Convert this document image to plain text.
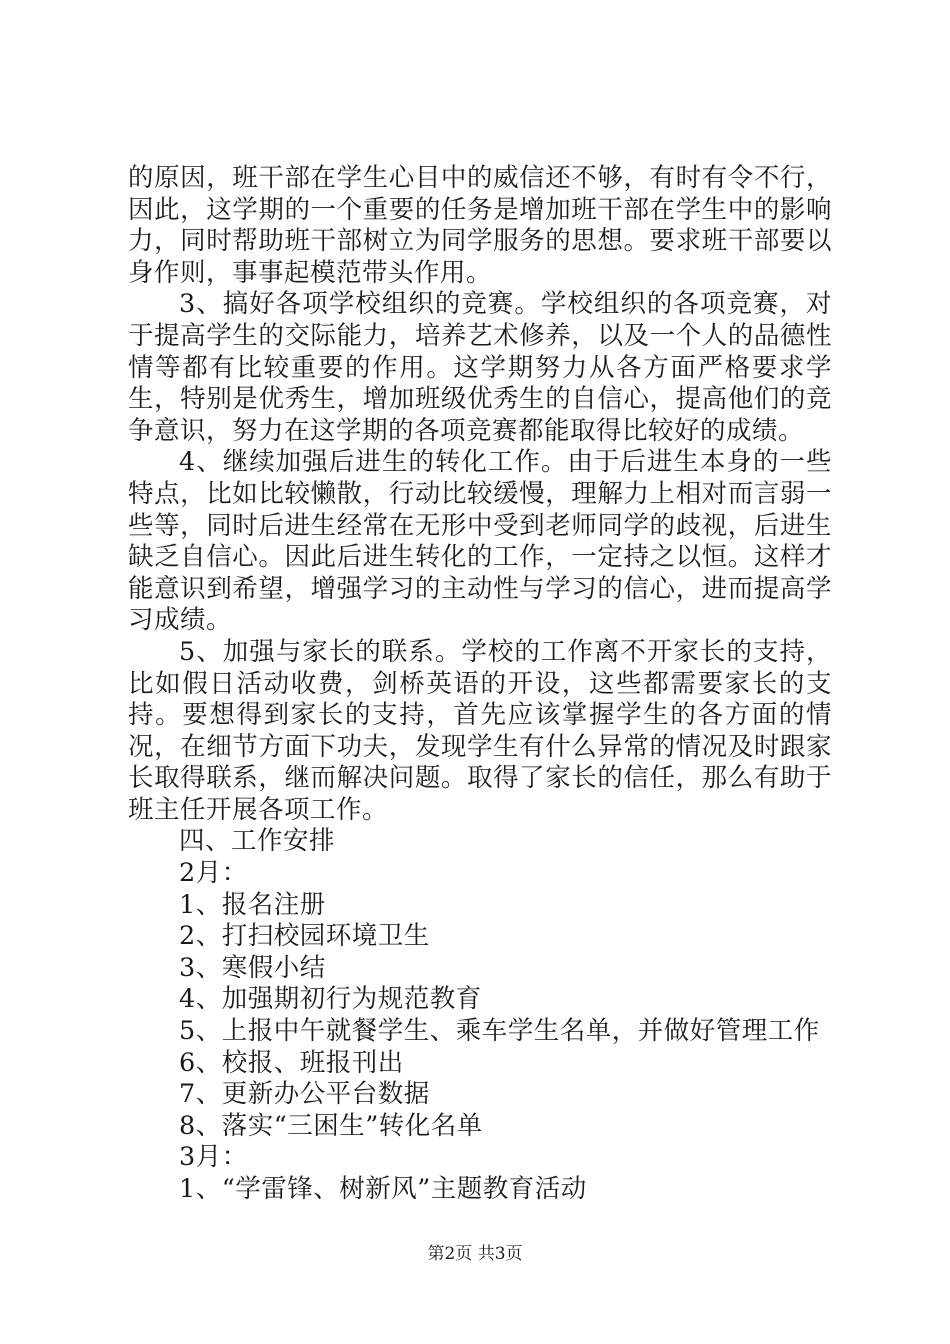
的原因，班干部在学生心目中的威信还不够，有时有令不行，因此，这学期的一个重要的任务是增加班干部在学生中的影响力，同时帮助班干部树立为同学服务的思想。要求班干部要以身作则，事事起模范带头作用。

3、搞好各项学校组织的竞赛。学校组织的各项竞赛，对于提高学生的交际能力，培养艺术修养，以及一个人的品德性情等都有比较重要的作用。这学期努力从各方面严格要求学生，特别是优秀生，增加班级优秀生的自信心，提高他们的竞争意识，努力在这学期的各项竞赛都能取得比较好的成绩。

4、继续加强后进生的转化工作。由于后进生本身的一些特点，比如比较懒散，行动比较缓慢，理解力上相对而言弱一些等，同时后进生经常在无形中受到老师同学的歧视，后进生缺乏自信心。因此后进生转化的工作，一定持之以恒。这样才能意识到希望，增强学习的主动性与学习的信心，进而提高学习成绩。

5、加强与家长的联系。学校的工作离不开家长的支持，比如假日活动收费，剑桥英语的开设，这些都需要家长的支持。要想得到家长的支持，首先应该掌握学生的各方面的情况，在细节方面下功夫，发现学生有什么异常的情况及时跟家长取得联系，继而解决问题。取得了家长的信任，那么有助于班主任开展各项工作。

四、工作安排

2月：

1、报名注册

2、打扫校园环境卫生

3、寒假小结

4、加强期初行为规范教育

5、上报中午就餐学生、乘车学生名单，并做好管理工作

6、校报、班报刊出

7、更新办公平台数据

8、落实“三困生”转化名单

3月：

1、“学雷锋、树新风”主题教育活动

第2页 共3页
